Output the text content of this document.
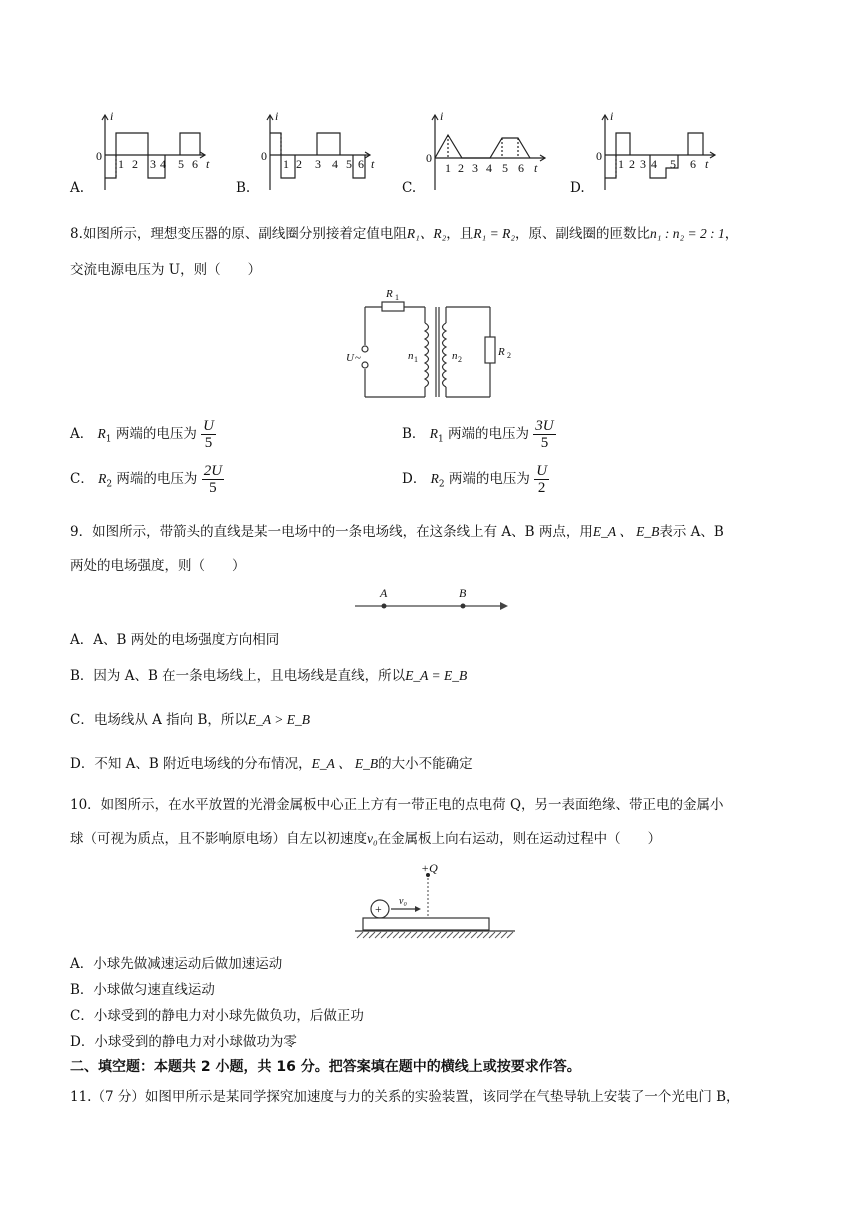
i
0
1 2 3 4 5 6 t
i
0
1 2 3 4 5 6 t
i
0
1 2 3 4 5 6 t
i
0
1 2 3 4 5 6 t
A.	B.	C.	D.
8.如图所示，理想变压器的原、副线圈分别接着定值电阻R₁、R₂，且R₁ = R₂，原、副线圈的匝数比n₁ : n₂ = 2 : 1，
交流电源电压为 U，则（　　）
R 1
U ~	n 1	n 2
R 2
A． $R_1$ 两端的电压为 $\frac{U}{5}$	B． $R_1$ 两端的电压为 $\frac{3U}{5}$
C． $R_2$ 两端的电压为 $\frac{2U}{5}$	D． $R_2$ 两端的电压为 $\frac{U}{2}$
9．如图所示，带箭头的直线是某一电场中的一条电场线，在这条线上有 A、B 两点，用E_A 、 E_B表示 A、B
两处的电场强度，则（　　）
A	B
A．A、B 两处的电场强度方向相同
B．因为 A、B 在一条电场线上，且电场线是直线，所以E_A = E_B
C．电场线从 A 指向 B，所以E_A > E_B
D．不知 A、B 附近电场线的分布情况，E_A 、 E_B的大小不能确定
10．如图所示，在水平放置的光滑金属板中心正上方有一带正电的点电荷 Q，另一表面绝缘、带正电的金属小
球（可视为质点，且不影响原电场）自左以初速度v₀在金属板上向右运动，则在运动过程中（　　）
+Q
+
v₀
A．小球先做减速运动后做加速运动
B．小球做匀速直线运动
C．小球受到的静电力对小球先做负功，后做正功
D．小球受到的静电力对小球做功为零
二、填空题：本题共 2 小题，共 16 分。把答案填在题中的横线上或按要求作答。
11.（7 分）如图甲所示是某同学探究加速度与力的关系的实验装置，该同学在气垫导轨上安装了一个光电门 B，
